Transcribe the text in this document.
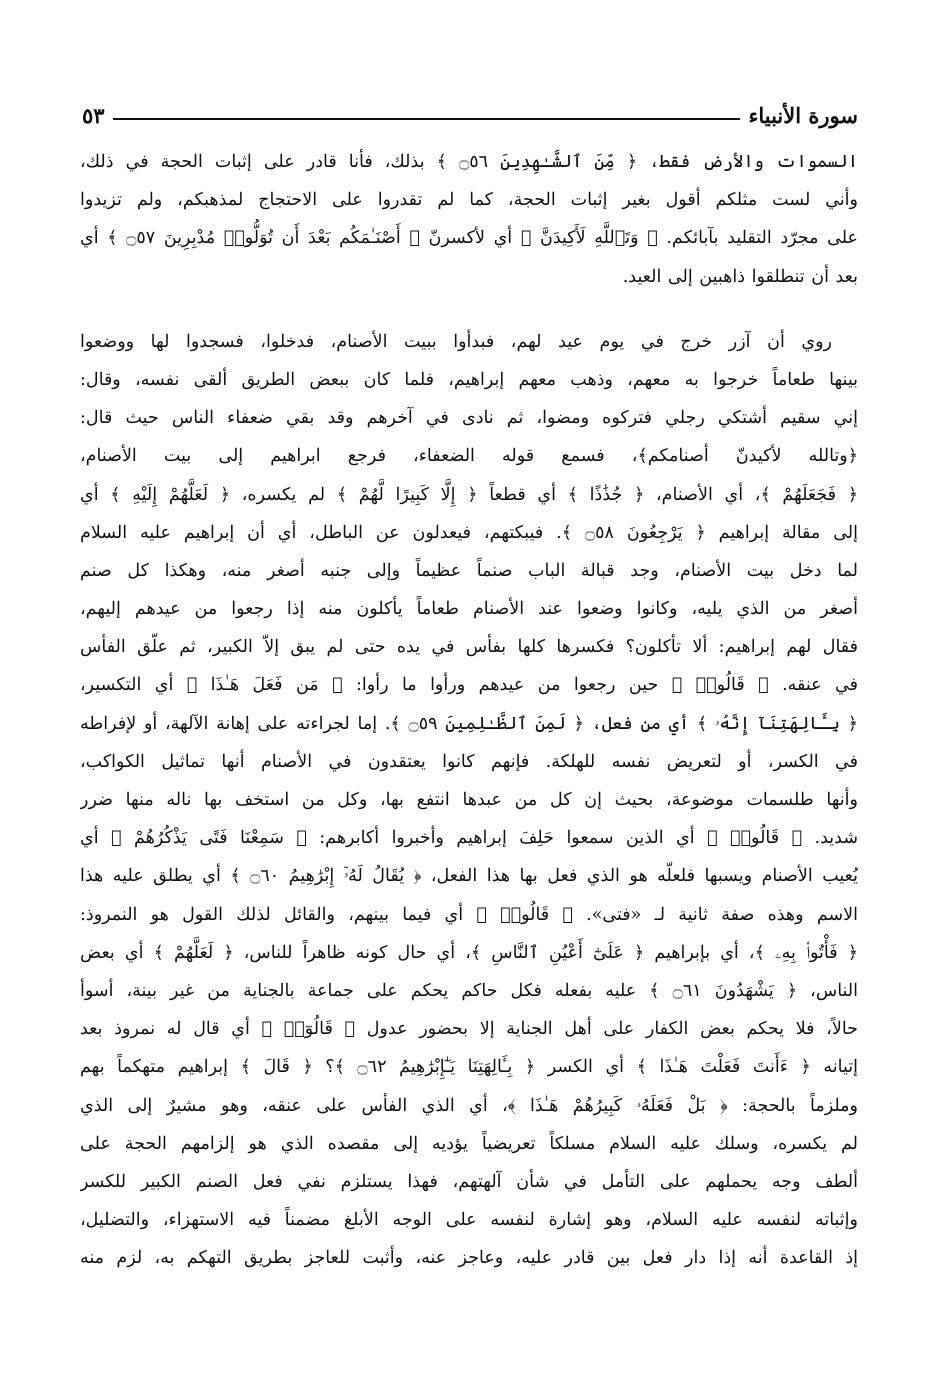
سورة الأنبياء
٥٣
السموات والأرض فقط، ﴿ مِّنَ ٱلشَّـٰهِدِينَ ۝٥٦ ﴾ بذلك، فأنا قادر على إثبات الحجة في ذلك،
وأني لست مثلكم أقول بغير إثبات الحجة، كما لم تقدروا على الاحتجاج لمذهبكم، ولم تزيدوا
على مجرّد التقليد بآبائكم. ﴿ وَتَٱللَّهِ لَأَكِيدَنَّ ﴾ أي لأكسرنّ ﴿ أَصْنَـٰمَكُم بَعْدَ أَن تُوَلُّوا۟ مُدْبِرِينَ ۝٥٧ ﴾ أي
بعد أن تنطلقوا ذاهبين إلى العيد.
روي أن آزر خرج في يوم عيد لهم، فبدأوا ببيت الأصنام، فدخلوا، فسجدوا لها ووضعوا
بينها طعاماً خرجوا به معهم، وذهب معهم إبراهيم، فلما كان ببعض الطريق ألقى نفسه، وقال:
إني سقيم أشتكي رجلي فتركوه ومضوا، ثم نادى في آخرهم وقد بقي ضعفاء الناس حيث قال:
﴿وتالله لأكيدنّ أصنامكم﴾، فسمع قوله الضعفاء، فرجع ابراهيم إلى بيت الأصنام،
﴿ فَجَعَلَهُمْ ﴾، أي الأصنام، ﴿ جُذَٰذًا ﴾ أي قطعاً ﴿ إِلَّا كَبِيرًا لَّهُمْ ﴾ لم يكسره، ﴿ لَعَلَّهُمْ إِلَيْهِ ﴾ أي
إلى مقالة إبراهيم ﴿ يَرْجِعُونَ ۝٥٨ ﴾. فيبكتهم، فيعدلون عن الباطل، أي أن إبراهيم عليه السلام
لما دخل بيت الأصنام، وجد قبالة الباب صنماً عظيماً وإلى جنبه أصغر منه، وهكذا كل صنم
أصغر من الذي يليه، وكانوا وضعوا عند الأصنام طعاماً يأكلون منه إذا رجعوا من عيدهم إليهم،
فقال لهم إبراهيم: ألا تأكلون؟ فكسرها كلها بفأس في يده حتى لم يبق إلاّ الكبير، ثم علّق الفأس
في عنقه. ﴿ قَالُوا۟ ﴾ حين رجعوا من عيدهم ورأوا ما رأوا: ﴿ مَن فَعَلَ هَـٰذَا ﴾ أي التكسير،
﴿ بِـَٔالِهَتِنَآ إِنَّهُۥ ﴾ أي من فعل، ﴿ لَمِنَ ٱلظَّـٰلِمِينَ ۝٥٩ ﴾. إما لجراءته على إهانة الآلهة، أو لإفراطه
في الكسر، أو لتعريض نفسه للهلكة. فإنهم كانوا يعتقدون في الأصنام أنها تماثيل الكواكب،
وأنها طلسمات موضوعة، بحيث إن كل من عبدها انتفع بها، وكل من استخف بها ناله منها ضرر
شديد. ﴿ قَالُوا۟ ﴾ أي الذين سمعوا حَلِفَ إبراهيم وأخبروا أكابرهم: ﴿ سَمِعْنَا فَتًى يَذْكُرُهُمْ ﴾ أي
يُعيب الأصنام ويسبها فلعلّه هو الذي فعل بها هذا الفعل، ﴿ يُقَالُ لَهُۥٓ إِبْرَٰهِيمُ ۝٦٠ ﴾ أي يطلق عليه هذا
الاسم وهذه صفة ثانية لـ «فتى». ﴿ قَالُوا۟ ﴾ أي فيما بينهم، والقائل لذلك القول هو النمروذ:
﴿ فَأْتُوا۟ بِهِۦ ﴾، أي بإبراهيم ﴿ عَلَىٰٓ أَعْيُنِ ٱلنَّاسِ ﴾، أي حال كونه ظاهراً للناس، ﴿ لَعَلَّهُمْ ﴾ أي بعض
الناس، ﴿ يَشْهَدُونَ ۝٦١ ﴾ عليه بفعله فكل حاكم يحكم على جماعة بالجناية من غير بينة، أسوأ
حالاً، فلا يحكم بعض الكفار على أهل الجناية إلا بحضور عدول ﴿ قَالُوٓا۟ ﴾ أي قال له نمروذ بعد
إتيانه ﴿ ءَأَنتَ فَعَلْتَ هَـٰذَا ﴾ أي الكسر ﴿ بِـَٔالِهَتِنَا يَـٰٓإِبْرَٰهِيمُ ۝٦٢ ﴾؟ ﴿ قَالَ ﴾ إبراهيم متهكماً بهم
وملزماً بالحجة: ﴿ بَلْ فَعَلَهُۥ كَبِيرُهُمْ هَـٰذَا ﴾، أي الذي الفأس على عنقه، وهو مشيرٌ إلى الذي
لم يكسره، وسلك عليه السلام مسلكاً تعريضياً يؤديه إلى مقصده الذي هو إلزامهم الحجة على
ألطف وجه يحملهم على التأمل في شأن آلهتهم، فهذا يستلزم نفي فعل الصنم الكبير للكسر
وإثباته لنفسه عليه السلام، وهو إشارة لنفسه على الوجه الأبلغ مضمناً فيه الاستهزاء، والتضليل،
إذ القاعدة أنه إذا دار فعل بين قادر عليه، وعاجز عنه، وأثبت للعاجز بطريق التهكم به، لزم منه
